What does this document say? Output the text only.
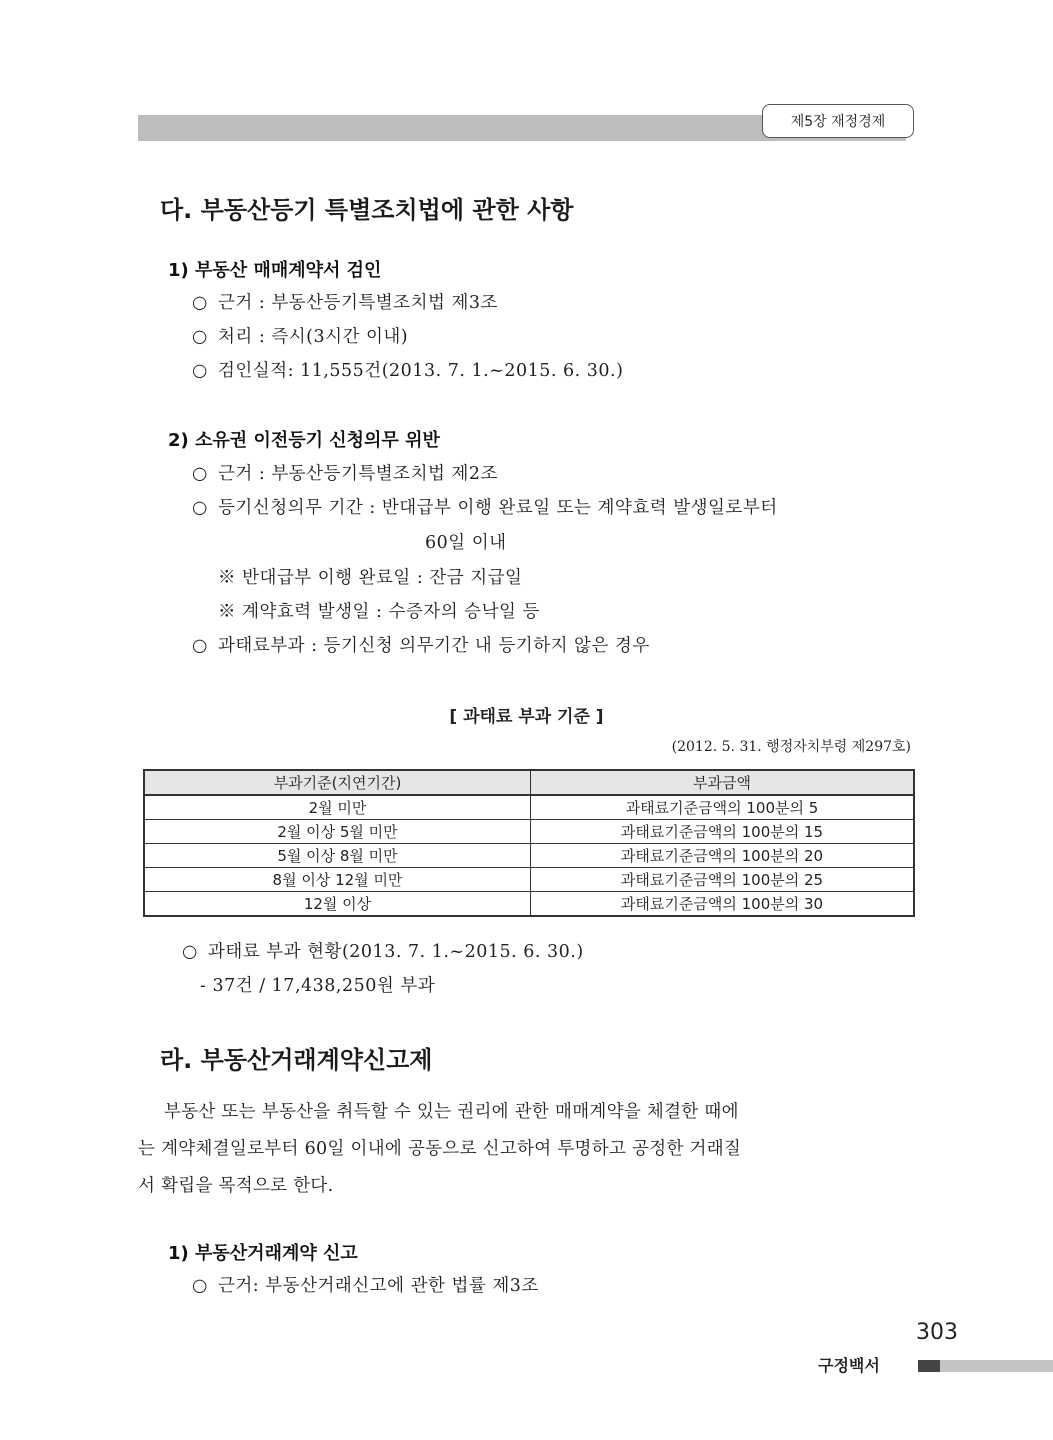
제5장 재정경제
다. 부동산등기 특별조치법에 관한 사항
1) 부동산 매매계약서 검인
○ 근거 : 부동산등기특별조치법 제3조
○ 처리 : 즉시(3시간 이내)
○ 검인실적: 11,555건(2013. 7. 1.~2015. 6. 30.)
2) 소유권 이전등기 신청의무 위반
○ 근거 : 부동산등기특별조치법 제2조
○ 등기신청의무 기간 : 반대급부 이행 완료일 또는 계약효력 발생일로부터
60일 이내
※ 반대급부 이행 완료일 : 잔금 지급일
※ 계약효력 발생일 : 수증자의 승낙일 등
○ 과태료부과 : 등기신청 의무기간 내 등기하지 않은 경우
[ 과태료 부과 기준 ]
(2012. 5. 31. 행정자치부령 제297호)
부과기준(지연기간)	부과금액
2월 미만	과태료기준금액의 100분의 5
2월 이상 5월 미만	과태료기준금액의 100분의 15
5월 이상 8월 미만	과태료기준금액의 100분의 20
8월 이상 12월 미만	과태료기준금액의 100분의 25
12월 이상	과태료기준금액의 100분의 30
○ 과태료 부과 현황(2013. 7. 1.~2015. 6. 30.)
- 37건 / 17,438,250원 부과
라. 부동산거래계약신고제
부동산 또는 부동산을 취득할 수 있는 권리에 관한 매매계약을 체결한 때에
는 계약체결일로부터 60일 이내에 공동으로 신고하여 투명하고 공정한 거래질
서 확립을 목적으로 한다.
1) 부동산거래계약 신고
○ 근거: 부동산거래신고에 관한 법률 제3조
303
구정백서
